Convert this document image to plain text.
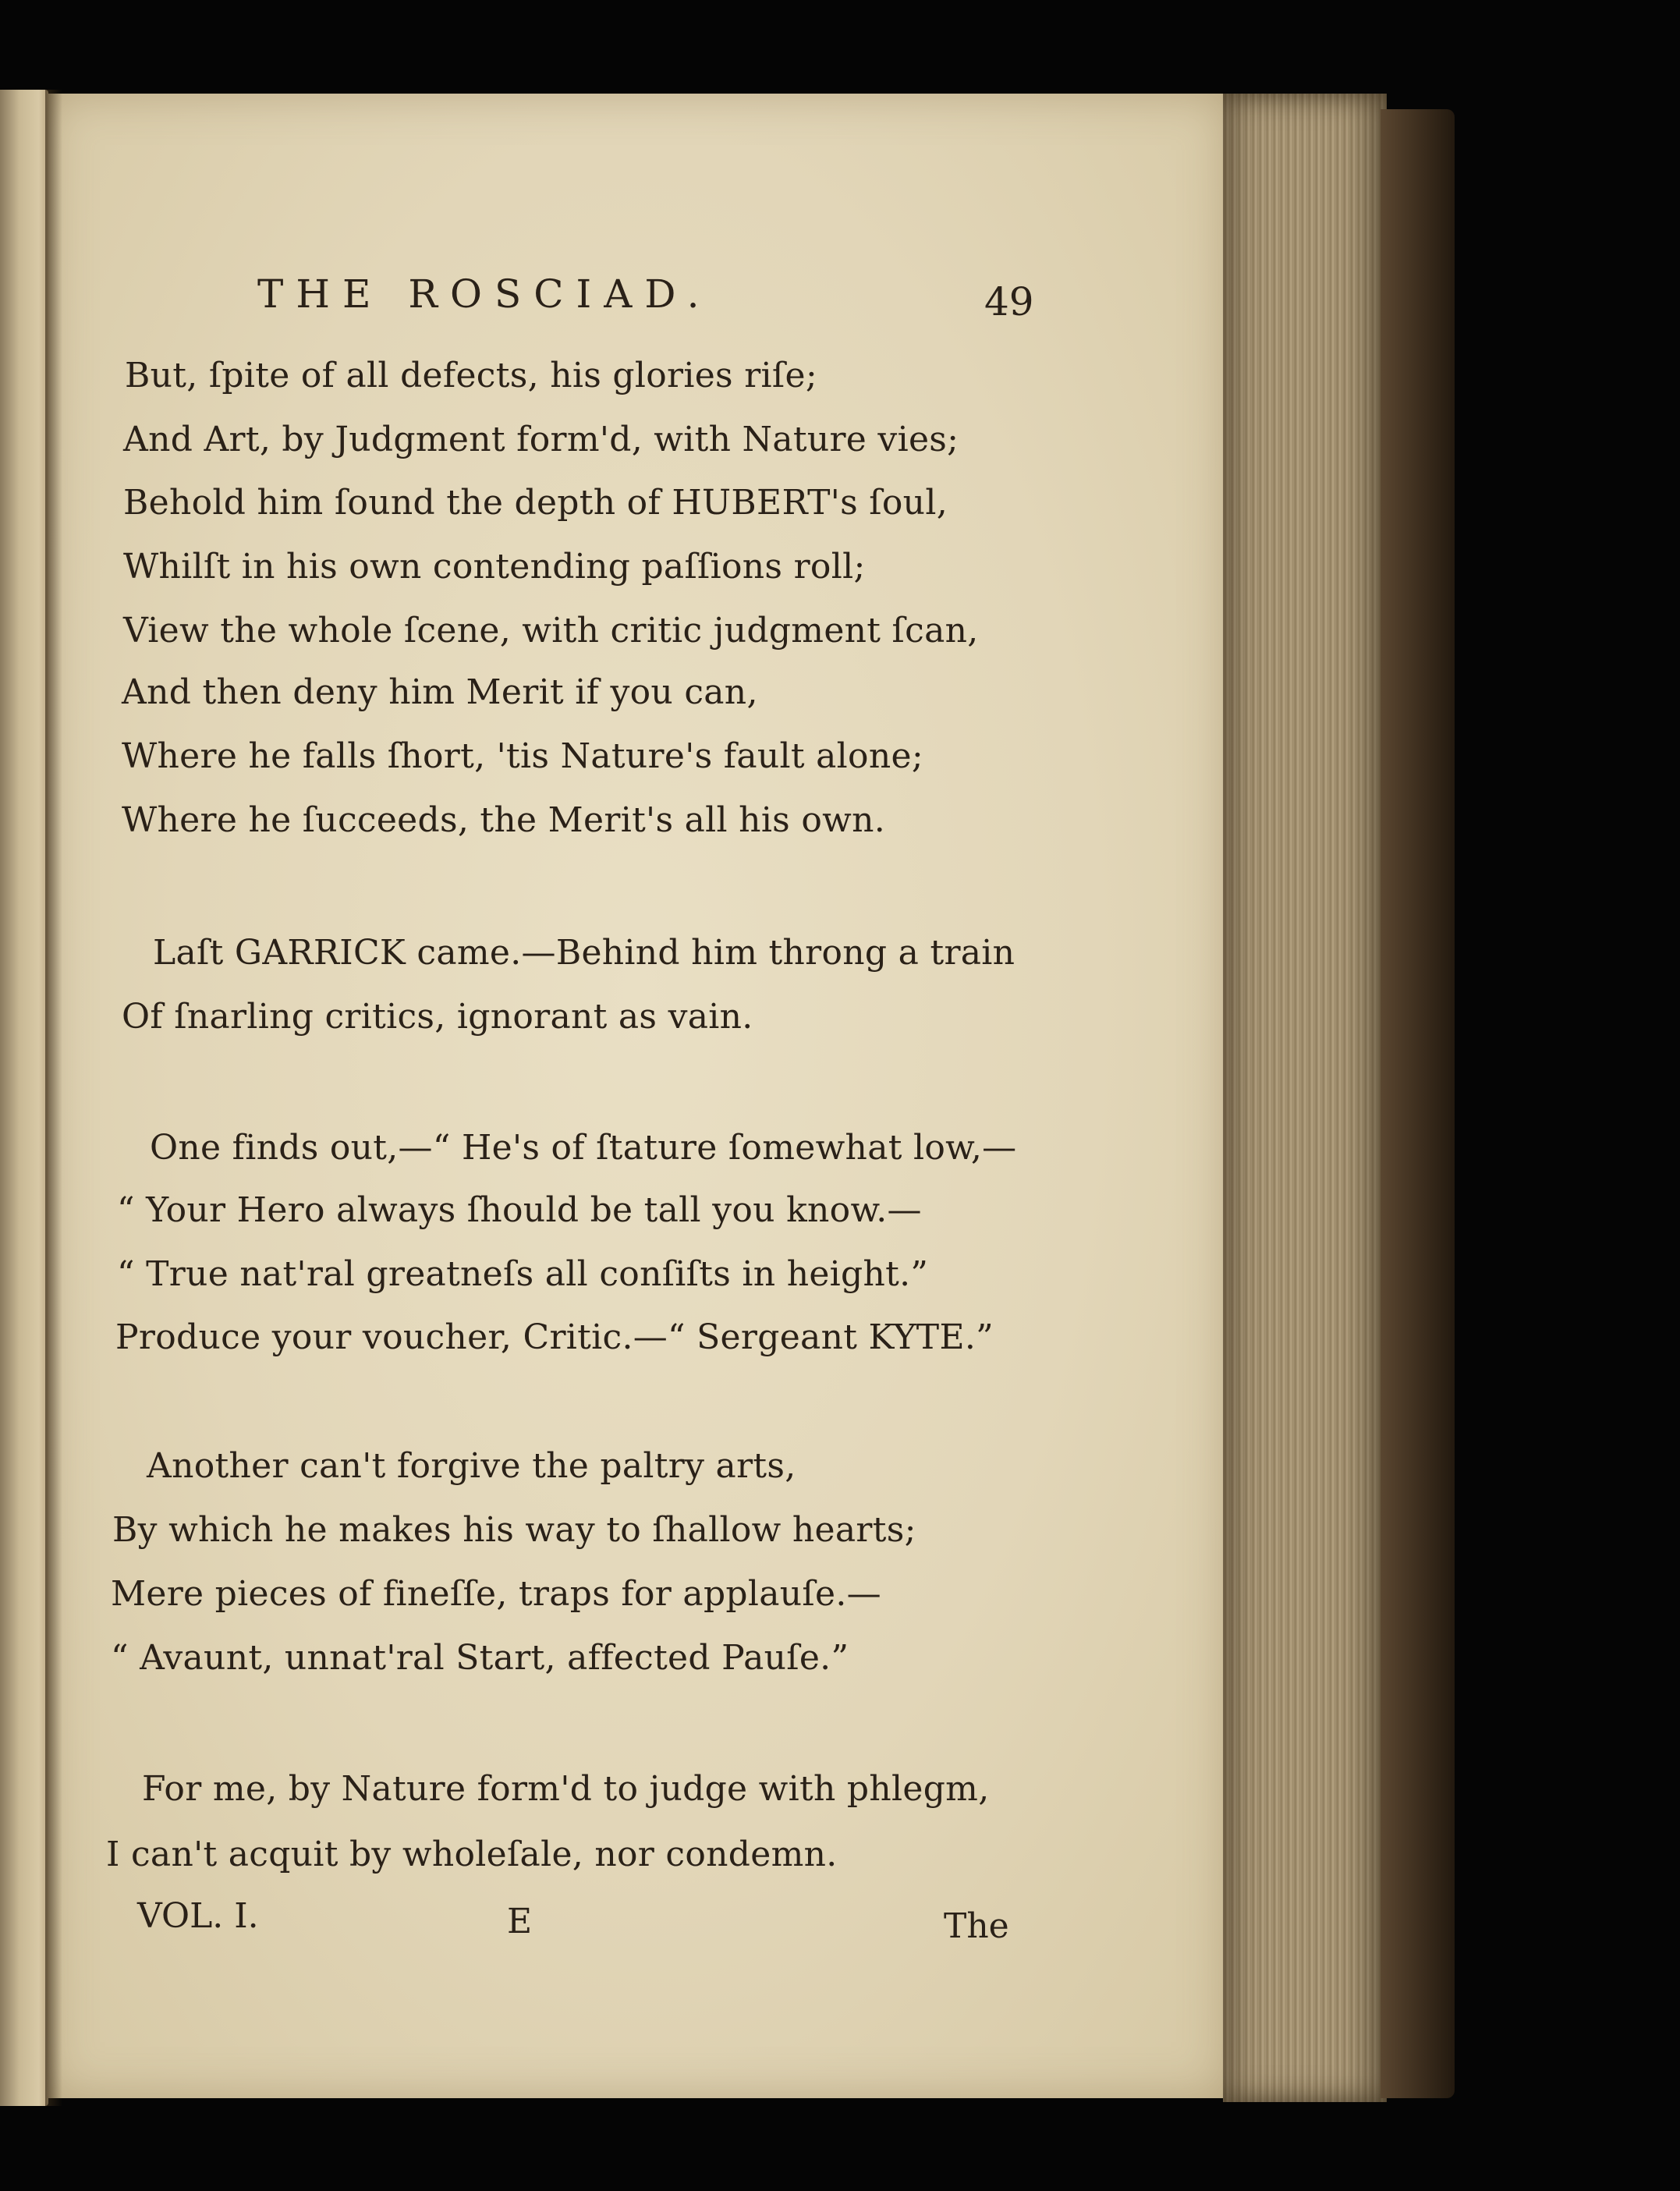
THE ROSCIAD.	49
But, ſpite of all defects, his glories riſe;
And Art, by Judgment form'd, with Nature vies;
Behold him ſound the depth of HUBERT's ſoul,
Whilſt in his own contending paſſions roll;
View the whole ſcene, with critic judgment ſcan,
And then deny him Merit if you can,
Where he falls ſhort, 'tis Nature's fault alone;
Where he ſucceeds, the Merit's all his own.
Laſt GARRICK came.—Behind him throng a train
Of ſnarling critics, ignorant as vain.
One finds out,—“ He's of ſtature ſomewhat low,—
“ Your Hero always ſhould be tall you know.—
“ True nat'ral greatneſs all conſiſts in height.”
Produce your voucher, Critic.—“ Sergeant KYTE.”
Another can't forgive the paltry arts,
By which he makes his way to ſhallow hearts;
Mere pieces of fineſſe, traps for applauſe.—
“ Avaunt, unnat'ral Start, affected Pauſe.”
For me, by Nature form'd to judge with phlegm,
I can't acquit by wholeſale, nor condemn.
VOL. I.	E	The
